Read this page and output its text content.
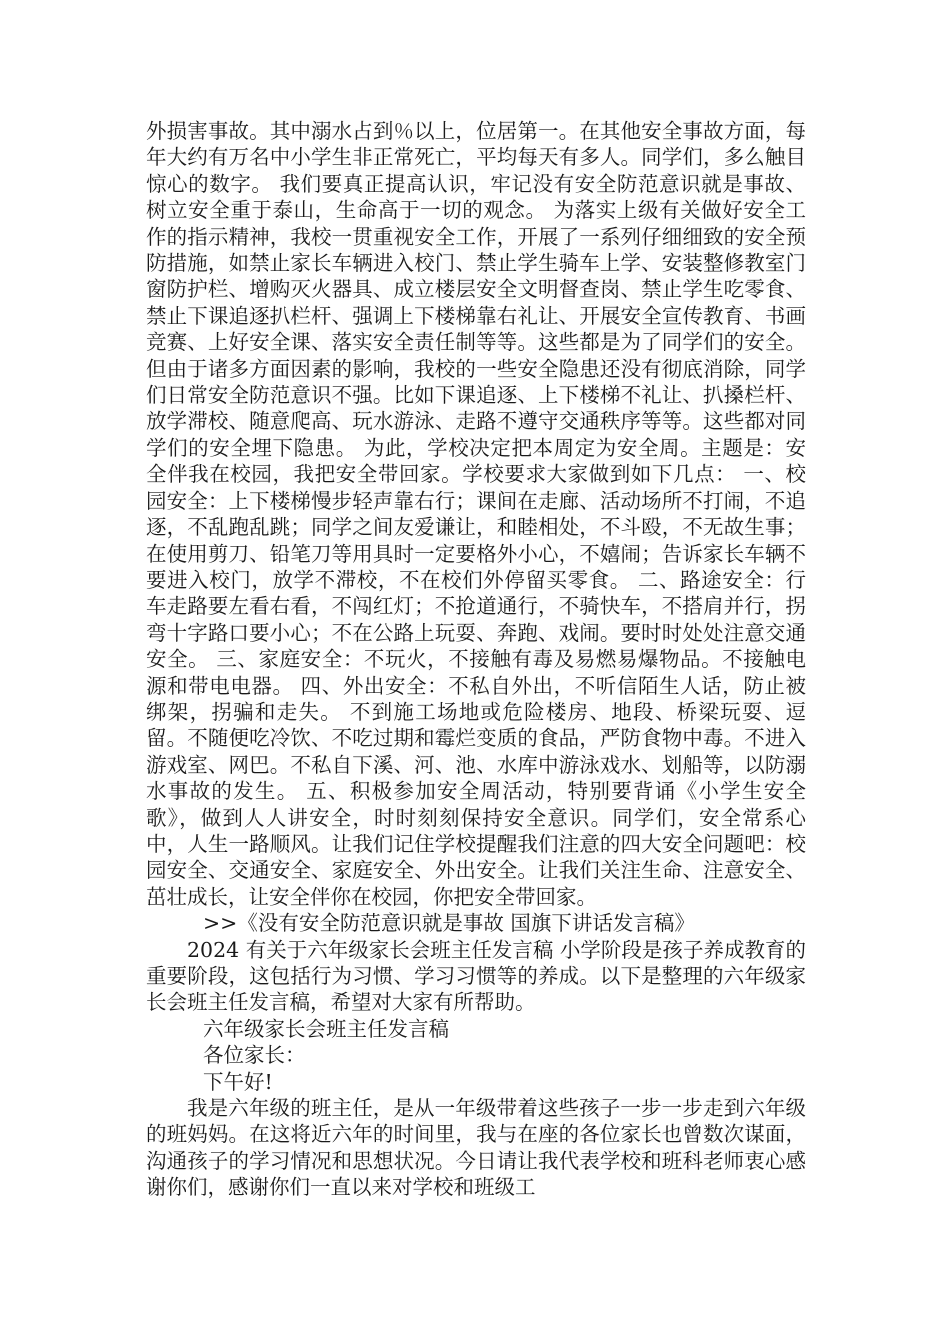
外损害事故。其中溺水占到％以上，位居第一。在其他安全事故方面，每年大约有万名中小学生非正常死亡，平均每天有多人。同学们，多么触目惊心的数字。 我们要真正提高认识，牢记没有安全防范意识就是事故、树立安全重于泰山，生命高于一切的观念。 为落实上级有关做好安全工作的指示精神，我校一贯重视安全工作，开展了一系列仔细细致的安全预防措施，如禁止家长车辆进入校门、禁止学生骑车上学、安装整修教室门窗防护栏、增购灭火器具、成立楼层安全文明督查岗、禁止学生吃零食、禁止下课追逐扒栏杆、强调上下楼梯靠右礼让、开展安全宣传教育、书画竞赛、上好安全课、落实安全责任制等等。这些都是为了同学们的安全。 但由于诸多方面因素的影响，我校的一些安全隐患还没有彻底消除，同学们日常安全防范意识不强。比如下课追逐、上下楼梯不礼让、扒搡栏杆、放学滞校、随意爬高、玩水游泳、走路不遵守交通秩序等等。这些都对同学们的安全埋下隐患。 为此，学校决定把本周定为安全周。主题是：安全伴我在校园，我把安全带回家。学校要求大家做到如下几点： 一、校园安全：上下楼梯慢步轻声靠右行；课间在走廊、活动场所不打闹，不追逐，不乱跑乱跳；同学之间友爱谦让，和睦相处，不斗殴，不无故生事；在使用剪刀、铅笔刀等用具时一定要格外小心，不嬉闹；告诉家长车辆不要进入校门，放学不滞校，不在校们外停留买零食。 二、路途安全：行车走路要左看右看，不闯红灯；不抢道通行，不骑快车，不搭肩并行，拐弯十字路口要小心；不在公路上玩耍、奔跑、戏闹。要时时处处注意交通安全。 三、家庭安全：不玩火，不接触有毒及易燃易爆物品。不接触电源和带电电器。 四、外出安全：不私自外出，不听信陌生人话，防止被绑架，拐骗和走失。 不到施工场地或危险楼房、地段、桥梁玩耍、逗留。不随便吃冷饮、不吃过期和霉烂变质的食品，严防食物中毒。不进入游戏室、网巴。不私自下溪、河、池、水库中游泳戏水、划船等，以防溺水事故的发生。 五、积极参加安全周活动，特别要背诵《小学生安全歌》，做到人人讲安全，时时刻刻保持安全意识。同学们，安全常系心中，人生一路顺风。让我们记住学校提醒我们注意的四大安全问题吧：校园安全、交通安全、家庭安全、外出安全。让我们关注生命、注意安全、茁壮成长，让安全伴你在校园，你把安全带回家。

>>《没有安全防范意识就是事故 国旗下讲话发言稿》

2024 有关于六年级家长会班主任发言稿 小学阶段是孩子养成教育的重要阶段，这包括行为习惯、学习习惯等的养成。以下是整理的六年级家长会班主任发言稿，希望对大家有所帮助。

六年级家长会班主任发言稿

各位家长：

下午好!

我是六年级的班主任，是从一年级带着这些孩子一步一步走到六年级的班妈妈。在这将近六年的时间里，我与在座的各位家长也曾数次谋面，沟通孩子的学习情况和思想状况。今日请让我代表学校和班科老师衷心感谢你们，感谢你们一直以来对学校和班级工
